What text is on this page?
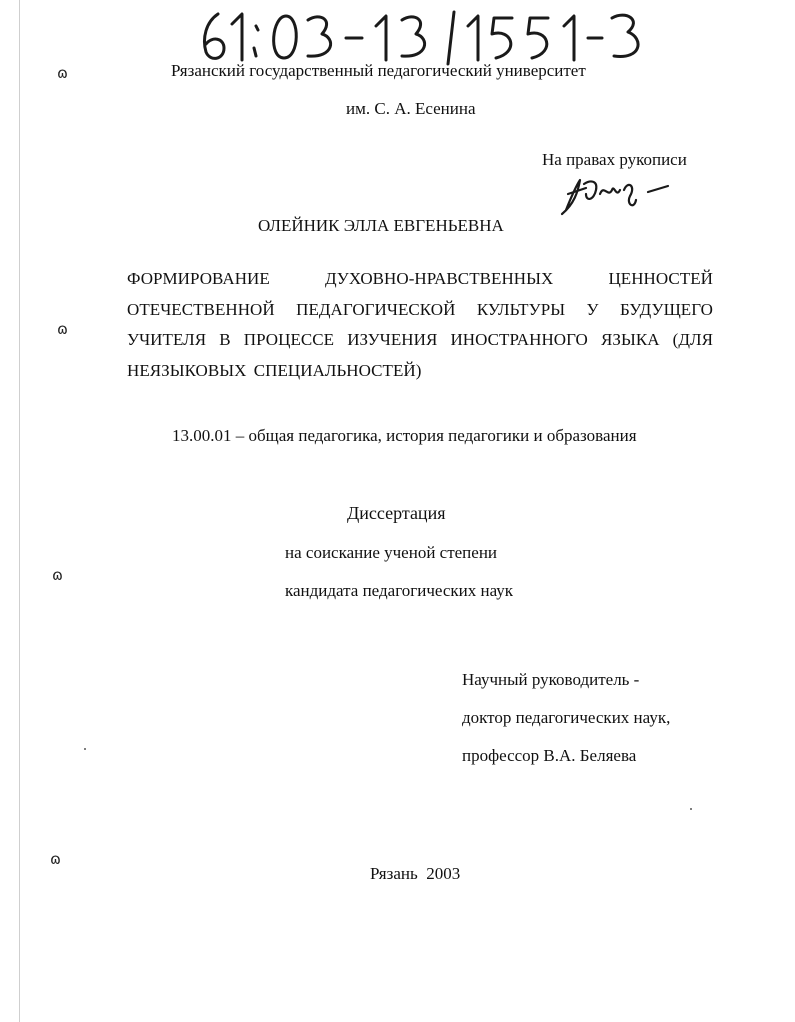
ɷ
ɷ
ɷ
ɷ
61:03-13/1551-3
Рязанский государственный педагогический университет
им. С. А. Есенина
На правах рукописи
Юиз
ОЛЕЙНИК ЭЛЛА ЕВГЕНЬЕВНА
ФОРМИРОВАНИЕ ДУХОВНО-НРАВСТВЕННЫХ ЦЕННОСТЕЙ
ОТЕЧЕСТВЕННОЙ ПЕДАГОГИЧЕСКОЙ КУЛЬТУРЫ У БУДУЩЕГО
УЧИТЕЛЯ В ПРОЦЕССЕ ИЗУЧЕНИЯ ИНОСТРАННОГО ЯЗЫКА (ДЛЯ
НЕЯЗЫКОВЫХ СПЕЦИАЛЬНОСТЕЙ)
13.00.01 – общая педагогика, история педагогики и образования
Диссертация
на соискание ученой степени
кандидата педагогических наук
Научный руководитель -
доктор педагогических наук,
профессор В.А. Беляева
Рязань  2003
